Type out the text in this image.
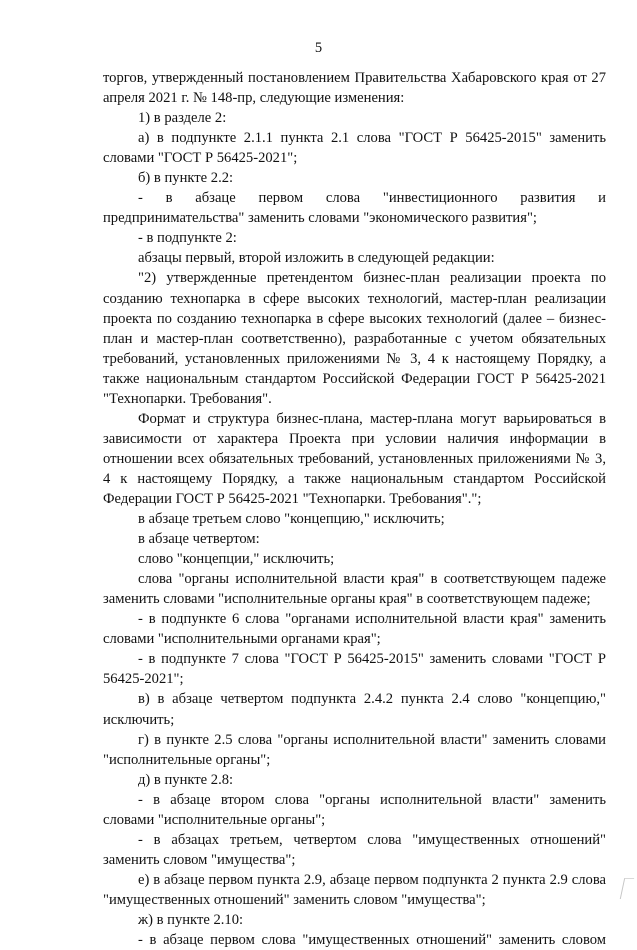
5

торгов, утвержденный постановлением Правительства Хабаровского края от 27 апреля 2021 г. № 148-пр, следующие изменения:

1) в разделе 2:

а) в подпункте 2.1.1 пункта 2.1 слова "ГОСТ Р 56425-2015" заменить словами "ГОСТ Р 56425-2021";

б) в пункте 2.2:

- в абзаце первом слова "инвестиционного развития и предпринимательства" заменить словами "экономического развития";

- в подпункте 2:

абзацы первый, второй изложить в следующей редакции:

"2) утвержденные претендентом бизнес-план реализации проекта по созданию технопарка в сфере высоких технологий, мастер-план реализации проекта по созданию технопарка в сфере высоких технологий (далее – бизнес-план и мастер-план соответственно), разработанные с учетом обязательных требований, установленных приложениями № 3, 4 к настоящему Порядку, а также национальным стандартом Российской Федерации ГОСТ Р 56425-2021 "Технопарки. Требования".

Формат и структура бизнес-плана, мастер-плана могут варьироваться в зависимости от характера Проекта при условии наличия информации в отношении всех обязательных требований, установленных приложениями № 3, 4 к настоящему Порядку, а также национальным стандартом Российской Федерации ГОСТ Р 56425-2021 "Технопарки. Требования".";

в абзаце третьем слово "концепцию," исключить;

в абзаце четвертом:

слово "концепции," исключить;

слова "органы исполнительной власти края" в соответствующем падеже заменить словами "исполнительные органы края" в соответствующем падеже;

- в подпункте 6 слова "органами исполнительной власти края" заменить словами "исполнительными органами края";

- в подпункте 7 слова "ГОСТ Р 56425-2015" заменить словами "ГОСТ Р 56425-2021";

в) в абзаце четвертом подпункта 2.4.2 пункта 2.4 слово "концепцию," исключить;

г) в пункте 2.5 слова "органы исполнительной власти" заменить словами "исполнительные органы";

д) в пункте 2.8:

- в абзаце втором слова "органы исполнительной власти" заменить словами "исполнительные органы";

- в абзацах третьем, четвертом слова "имущественных отношений" заменить словом "имущества";

е) в абзаце первом пункта 2.9, абзаце первом подпункта 2 пункта 2.9 слова "имущественных отношений" заменить словом "имущества";

ж) в пункте 2.10:

- в абзаце первом слова "имущественных отношений" заменить словом
